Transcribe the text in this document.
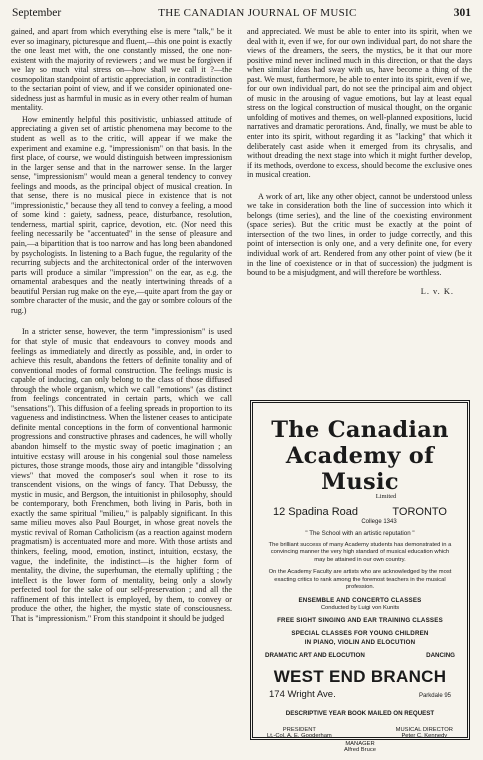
September	THE CANADIAN JOURNAL OF MUSIC	301

gained, and apart from which everything else is mere "talk," be it ever so imaginary, picturesque and fluent,—this one point is exactly the one least met with, the one constantly missed, the one non-existent with the majority of reviewers ; and we must be forgiven if we lay so much vital stress on—how shall we call it ?—the cosmopolitan standpoint of artistic appreciation, in contradistinction to the sectarian point of view, and if we consider opinionated one-sidedness just as harmful in music as in every other realm of human mentality.

How eminently helpful this positivistic, unbiassed attitude of appreciating a given set of artistic phenomena may become to the student as well as to the critic, will appear if we make the experiment and examine e.g. "impressionism" on that basis. In the first place, of course, we would distinguish between impressionism in the larger sense and that in the narrower sense. In the larger sense, "impressionism" would mean a general tendency to convey feelings and moods, as the principal object of musical creation. In that sense, there is no musical piece in existence that is not "impressionistic," because they all tend to convey a feeling, a mood of some kind : gaiety, sadness, peace, disturbance, resolution, tenderness, martial spirit, caprice, devotion, etc. (Nor need this feeling necessarily be "accentuated" in the sense of pleasure and pain,—a bipartition that is too narrow and has long been abandoned by psychologists. In listening to a Bach fugue, the regularity of the recurring subjects and the architectonical order of the interwoven parts will produce a similar "impression" on the ear, as e.g. the ornamental arabesques and the neatly intertwining threads of a beautiful Persian rug make on the eye,—quite apart from the gay or sombre character of the music, and the gay or sombre colours of the rug.)

In a stricter sense, however, the term "impressionism" is used for that style of music that endeavours to convey moods and feelings as immediately and directly as possible, and, in order to achieve this result, abandons the fetters of definite tonality and of conventional modes of formal construction. The feelings music is capable of inducing, can only belong to the class of those diffused through the whole organism, which we call "emotions" (as distinct from feelings concentrated in certain parts, which we call "sensations"). This diffusion of a feeling spreads in proportion to its vagueness and indistinctness. When the listener ceases to anticipate definite mental conceptions in the form of conventional harmonic progressions and constructive phrases and cadences, he will wholly abandon himself to the mystic sway of poetic imagination ; an intuitive ecstasy will arouse in his congenial soul those nameless pictures, those strange moods, those airy and intangible "dissolving views" that moved the composer's soul when it rose to its transcendent visions, on the wings of fancy. That Debussy, the mystic in music, and Bergson, the intuitionist in philosophy, should be contemporary, both Frenchmen, both living in Paris, both in exactly the same spiritual "milieu," is palpably significant. In this same milieu moves also Paul Bourget, in whose great novels the mystic revival of Roman Catholicism (as a reaction against modern pragmatism) is accentuated more and more. With those artists and thinkers, feeling, mood, emotion, instinct, intuition, ecstasy, the vague, the indefinite, the indistinct—is the higher form of mentality, the divine, the superhuman, the eternally uplifting ; the intellect is the lower form of mentality, being only a slowly perfected tool for the sake of our self-preservation ; and all the raffinement of this intellect is employed, by them, to convey or produce the other, the higher, the mystic state of consciousness. That is "impressionism." From this standpoint it should be judged

and appreciated. We must be able to enter into its spirit, when we deal with it, even if we, for our own individual part, do not share the views of the dreamers, the seers, the mystics, be it that our more positive mind never inclined much in this direction, or that the days when similar ideas had sway with us, have become a thing of the past. We must, furthermore, be able to enter into its spirit, even if we, for our own individual part, do not see the principal aim and object of music in the arousing of vague emotions, but lay at least equal stress on the logical construction of musical thought, on the organic unfolding of motives and themes, on well-planned expositions, lucid narratives and dramatic perorations. And, finally, we must be able to enter into its spirit, without regarding it as "lacking" that which it deliberately cast aside when it emerged from its chrysalis, and without dreading the next stage into which it might further develop, if its methods, overdone to excess, should become the exclusive ones in musical creation.

A work of art, like any other object, cannot be understood unless we take in consideration both the line of succession into which it belongs (time series), and the line of the coexisting environment (space series). But the critic must be exactly at the point of intersection of the two lines, in order to judge correctly, and this point of intersection is only one, and a very definite one, for every individual work of art. Rendered from any other point of view (be it in the line of coexistence or in that of succession) the judgment is bound to be a misjudgment, and will therefore be worthless.

L. v. K.
The Canadian
Academy of Music
Limited
12 Spadina Road	TORONTO
College 1343
" The School with an artistic reputation "
The brilliant success of many Academy students has demonstrated in a convincing manner the very high standard of musical education which may be attained in our own country.
On the Academy Faculty are artists who are acknowledged by the most exacting critics to rank among the foremost teachers in the musical profession.
ENSEMBLE AND CONCERTO CLASSES
Conducted by Luigi von Kunits
FREE SIGHT SINGING AND EAR TRAINING CLASSES
SPECIAL CLASSES FOR YOUNG CHILDREN
IN PIANO, VIOLIN AND ELOCUTION
DRAMATIC ART AND ELOCUTION	DANCING
WEST END BRANCH
174 Wright Ave.	Parkdale 95
DESCRIPTIVE YEAR BOOK MAILED ON REQUEST
PRESIDENT
Lt.-Col. A. E. Gooderham
MUSICAL DIRECTOR
Peter C. Kennedy
MANAGER
Alfred Bruce
